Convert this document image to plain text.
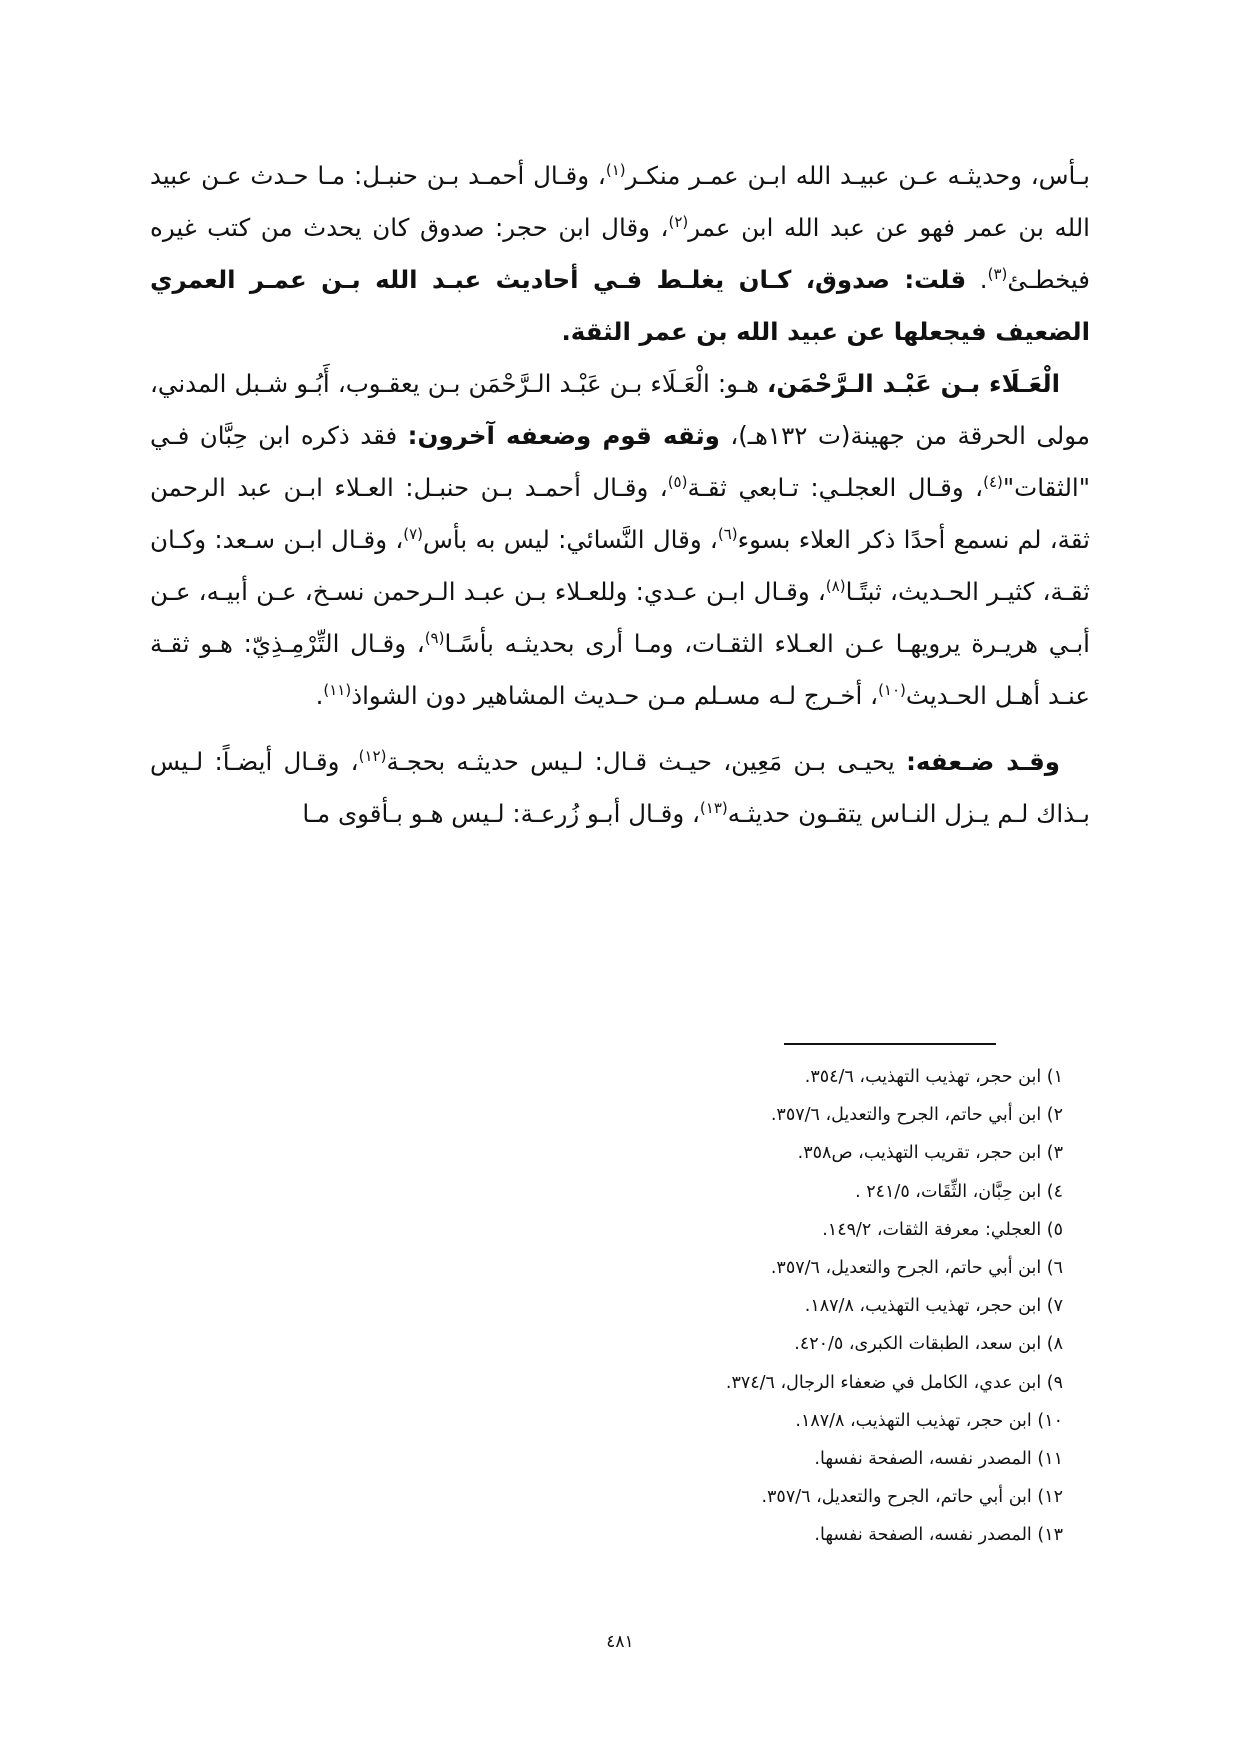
بـأس، وحديثـه عـن عبيـد الله ابـن عمـر منكـر$^{(١)}$، وقـال أحمـد بـن حنبـل: مـا حـدث عـن عبيد الله بن عمر فهو عن عبد الله ابن عمر$^{(٢)}$، وقال ابن حجر: صدوق كان يحدث من كتب غيره فيخطـئ$^{(٣)}$. قلت: صدوق، كـان يغلـط فـي أحاديث عبـد الله بـن عمـر العمري الضعيف فيجعلها عن عبيد الله بن عمر الثقة.

الْعَـلَاء بـن عَبْـد الـرَّحْمَن، هـو: الْعَـلَاء بـن عَبْـد الـرَّحْمَن بـن يعقـوب، أَبُـو شـبل المدني، مولى الحرقة من جهينة(ت ١٣٢هـ)، وثقه قوم وضعفه آخرون: فقد ذكره ابن حِبَّان فـي "الثقات"$^{(٤)}$، وقـال العجلـي: تـابعي ثقـة$^{(٥)}$، وقـال أحمـد بـن حنبـل: العـلاء ابـن عبد الرحمن ثقة، لم نسمع أحدًا ذكر العلاء بسوء$^{(٦)}$، وقال النَّسائي: ليس به بأس$^{(٧)}$، وقـال ابـن سـعد: وكـان ثقـة، كثيـر الحـديث، ثبتًـا$^{(٨)}$، وقـال ابـن عـدي: وللعـلاء بـن عبـد الـرحمن نسـخ، عـن أبيـه، عـن أبـي هريـرة يرويهـا عـن العـلاء الثقـات، ومـا أرى بحديثـه بأسًـا$^{(٩)}$، وقـال التِّرْمِـذِيّ: هـو ثقـة عنـد أهـل الحـديث$^{(١٠)}$، أخـرج لـه مسـلم مـن حـديث المشاهير دون الشواذ$^{(١١)}$.

وقـد ضـعفه: يحيـى بـن مَعِين، حيـث قـال: لـيس حديثـه بحجـة$^{(١٢)}$، وقـال أيضـاً: لـيس بـذاك لـم يـزل النـاس يتقـون حديثـه$^{(١٣)}$، وقـال أبـو زُرعـة: لـيس هـو بـأقوى مـا

١) ابن حجر، تهذيب التهذيب، ٣٥٤/٦.
٢) ابن أبي حاتم، الجرح والتعديل، ٣٥٧/٦.
٣) ابن حجر، تقريب التهذيب، ص٣٥٨.
٤) ابن حِبَّان، الثِّقَات، ٢٤١/٥ .
٥) العجلي: معرفة الثقات، ١٤٩/٢.
٦) ابن أبي حاتم، الجرح والتعديل، ٣٥٧/٦.
٧) ابن حجر، تهذيب التهذيب، ١٨٧/٨.
٨) ابن سعد، الطبقات الكبرى، ٤٢٠/٥.
٩) ابن عدي، الكامل في ضعفاء الرجال، ٣٧٤/٦.
١٠) ابن حجر، تهذيب التهذيب، ١٨٧/٨.
١١) المصدر نفسه، الصفحة نفسها.
١٢) ابن أبي حاتم، الجرح والتعديل، ٣٥٧/٦.
١٣) المصدر نفسه، الصفحة نفسها.
٤٨١
